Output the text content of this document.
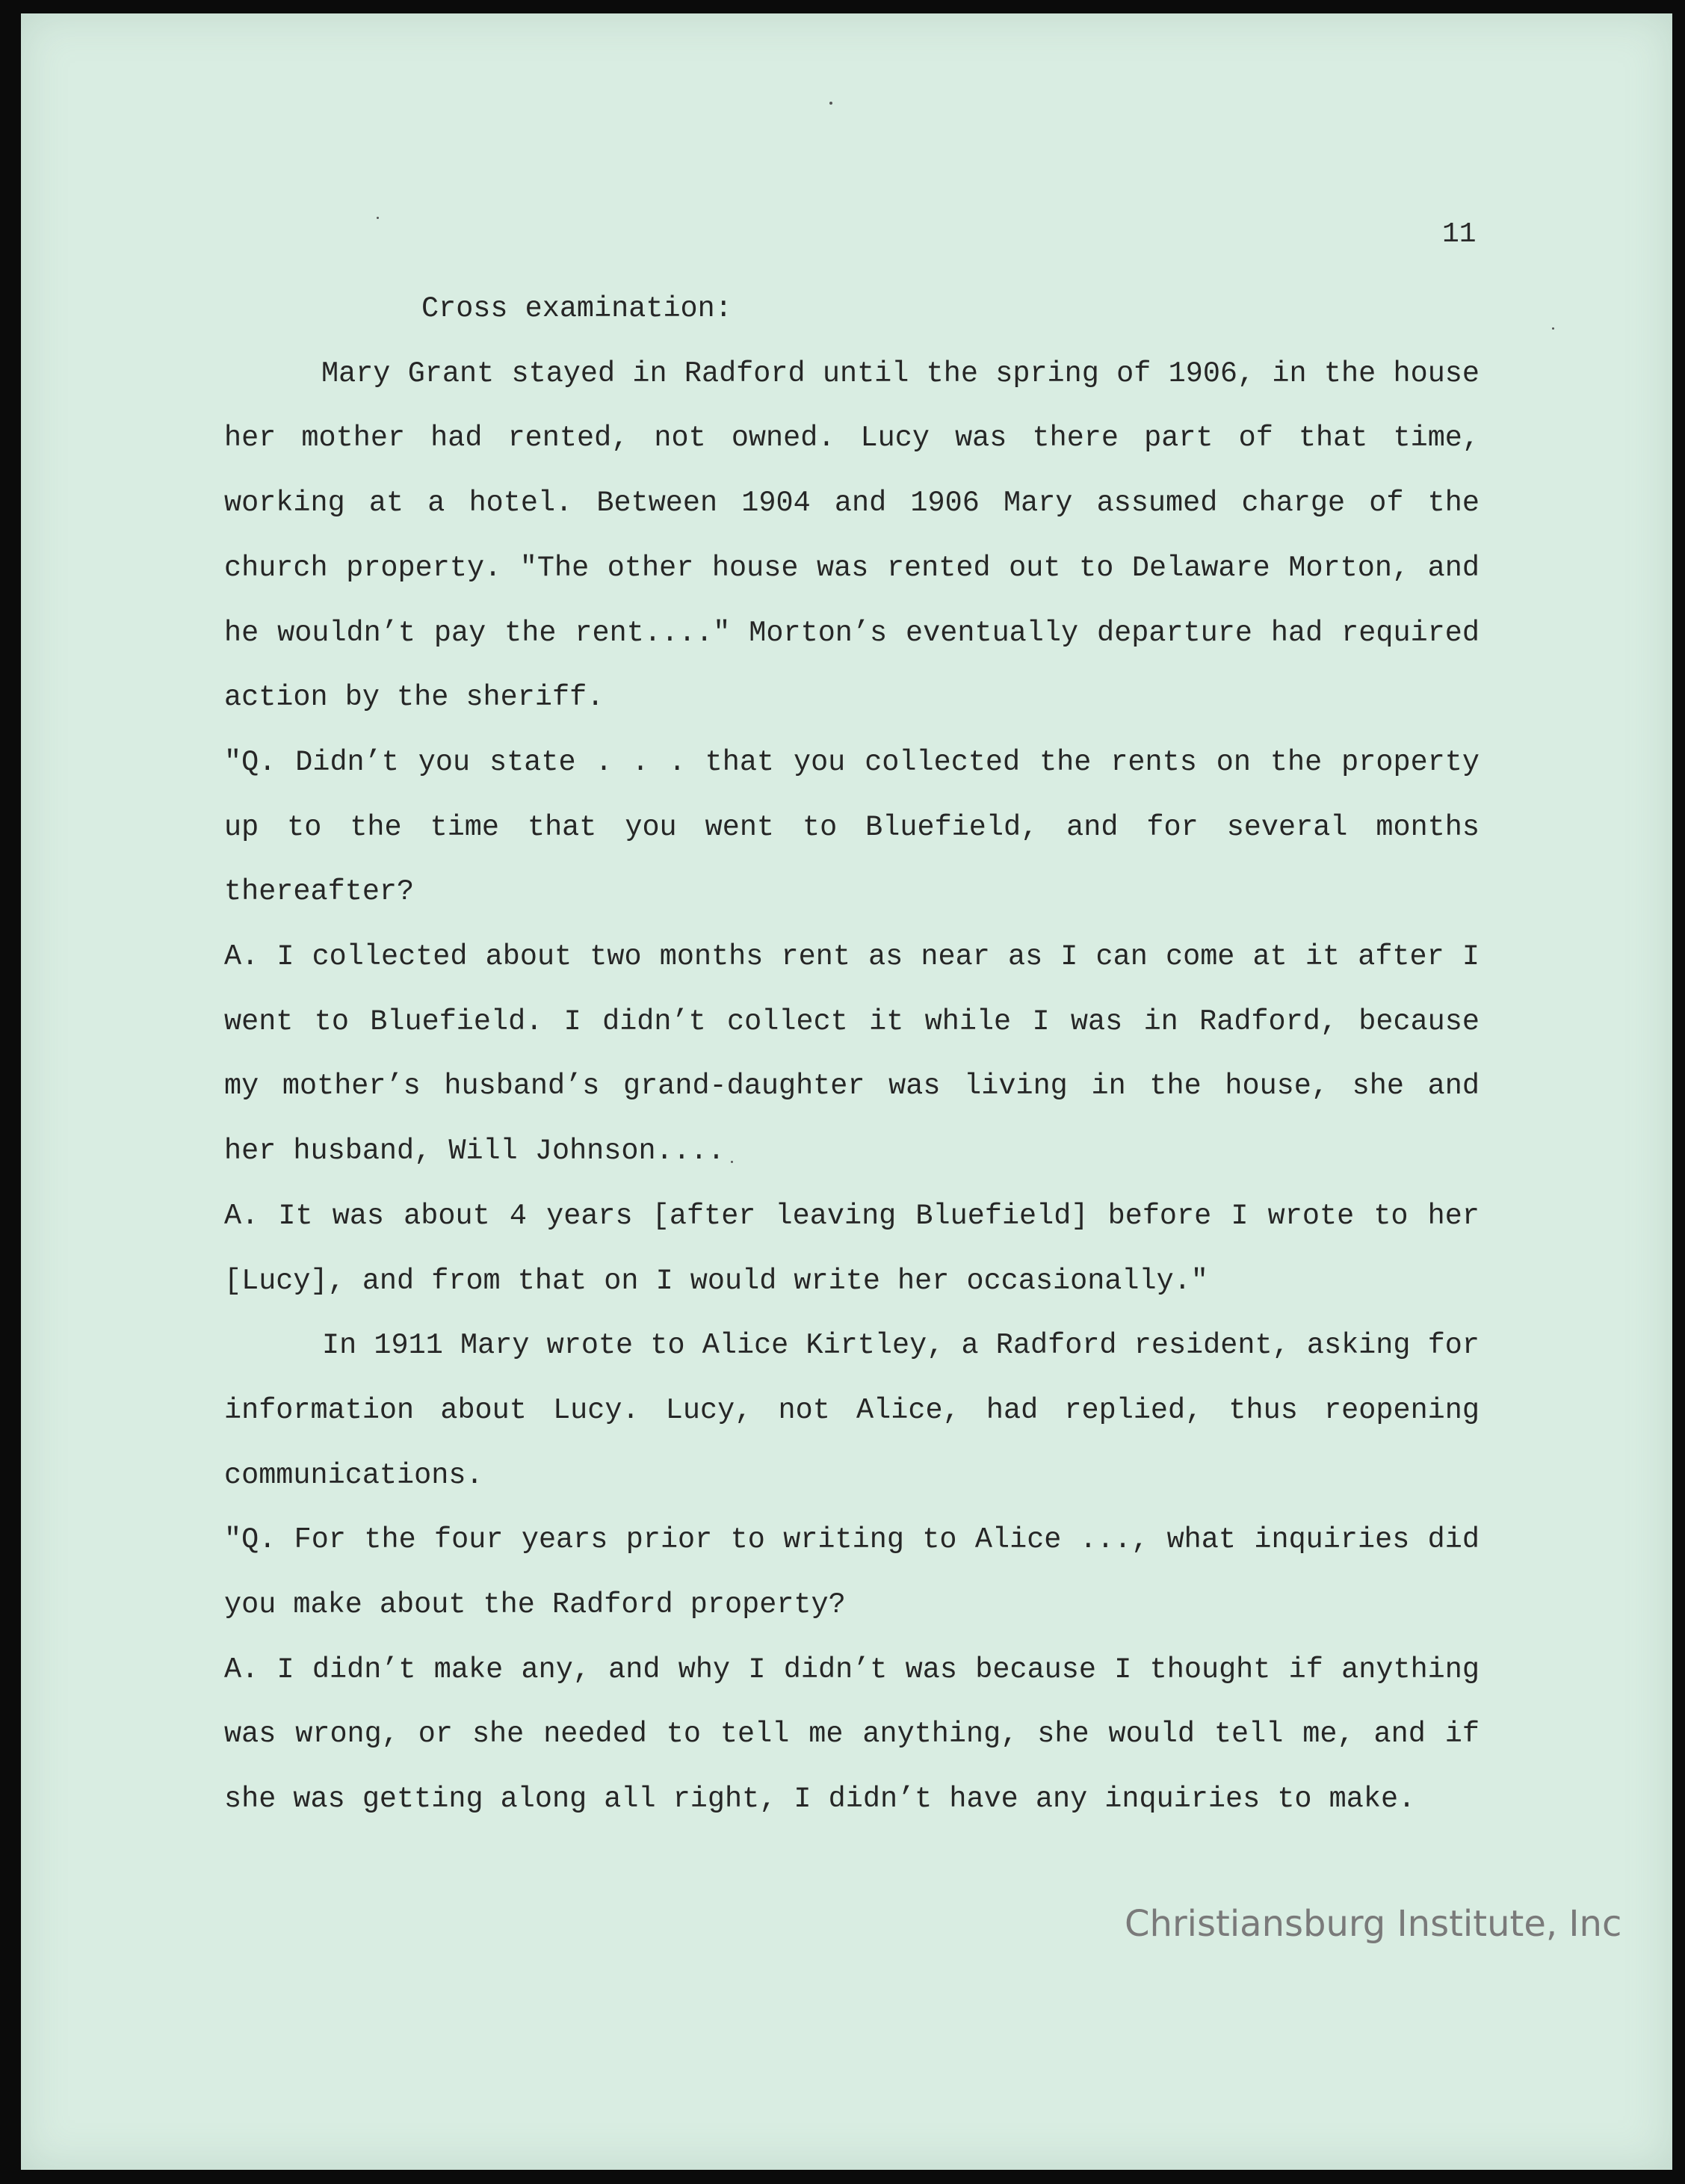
11

Cross examination:

Mary Grant stayed in Radford until the spring of 1906, in the house her mother had rented, not owned. Lucy was there part of that time, working at a hotel. Between 1904 and 1906 Mary assumed charge of the church property. "The other house was rented out to Delaware Morton, and he wouldn’t pay the rent...." Morton’s eventually departure had required action by the sheriff.

"Q. Didn’t you state . . . that you collected the rents on the property up to the time that you went to Bluefield, and for several months thereafter?

A. I collected about two months rent as near as I can come at it after I went to Bluefield. I didn’t collect it while I was in Radford, because my mother’s husband’s grand-daughter was living in the house, she and her husband, Will Johnson....

A. It was about 4 years [after leaving Bluefield] before I wrote to her [Lucy], and from that on I would write her occasionally."

In 1911 Mary wrote to Alice Kirtley, a Radford resident, asking for information about Lucy. Lucy, not Alice, had replied, thus reopening communications.

"Q. For the four years prior to writing to Alice ..., what inquiries did you make about the Radford property?

A. I didn’t make any, and why I didn’t was because I thought if anything was wrong, or she needed to tell me anything, she would tell me, and if she was getting along all right, I didn’t have any inquiries to make.

Christiansburg Institute, Inc
